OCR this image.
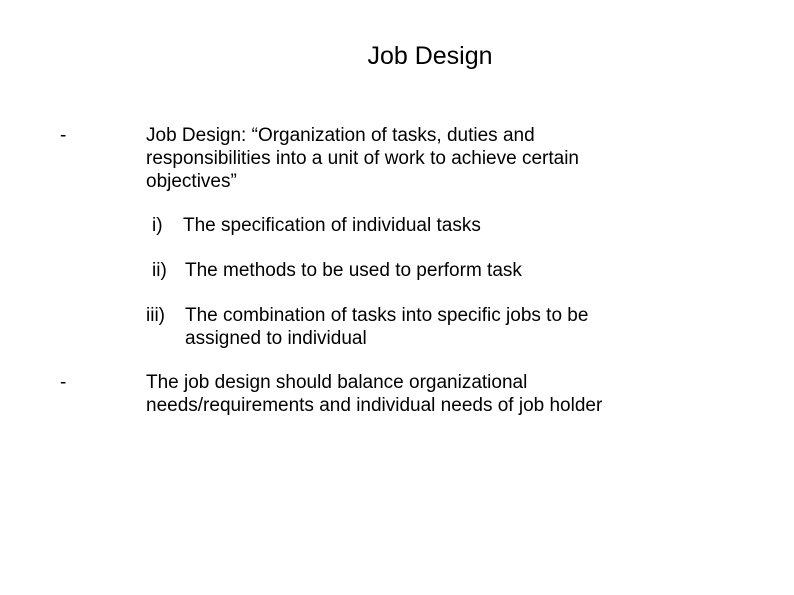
Job Design
-	Job Design: “Organization of tasks, duties and
responsibilities into a unit of work to achieve certain
objectives”
i) The specification of individual tasks
ii) The methods to be used to perform task
iii) The combination of tasks into specific jobs to be
assigned to individual
-	The job design should balance organizational
needs/requirements and individual needs of job holder
